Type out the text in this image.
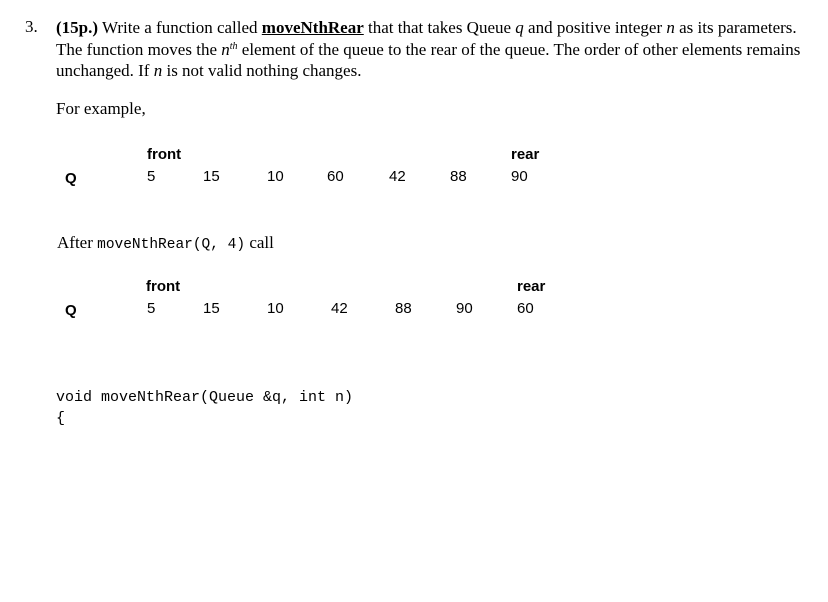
3. (15p.) Write a function called moveNthRear that that takes Queue q and positive integer n as its parameters. The function moves the $n^{th}$ element of the queue to the rear of the queue. The order of other elements remains unchanged. If n is not valid nothing changes.
For example,
front	rear
Q	5	15	10	60	42	88	90
After moveNthRear(Q, 4) call
front	rear
Q	5	15	10	42	88	90	60
void moveNthRear(Queue &q, int n)
{
